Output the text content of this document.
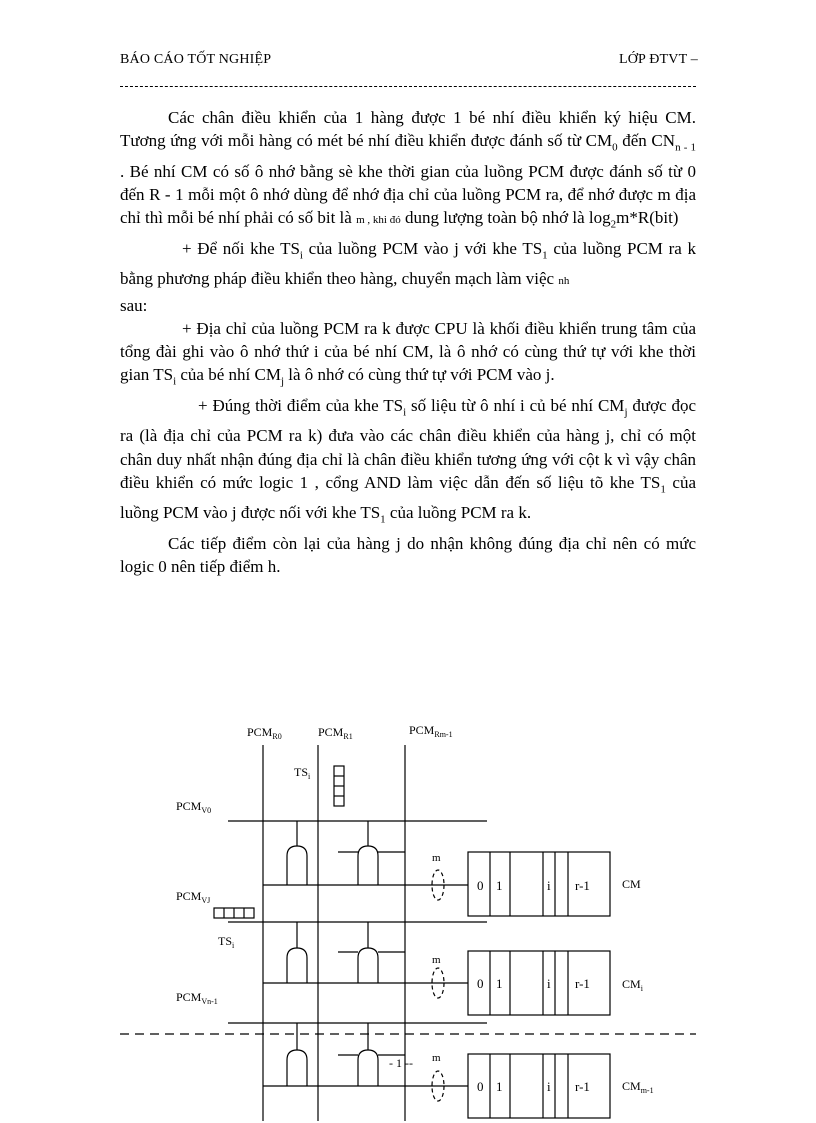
BÁO CÁO TỐT NGHIỆP	LỚP ĐTVT –

Các chân điều khiển của 1 hàng được 1 bé nhí điều khiển ký hiệu CM. Tương ứng với mỗi hàng có mét bé nhí điều khiển được đánh số từ $CM_0$ đến $CN_{n - 1}$ . Bé nhí CM có số ô nhớ bằng sè khe thời gian của luồng PCM được đánh số từ 0 đến R - 1 mỗi một ô nhớ dùng để nhớ địa chỉ của luồng PCM ra, để nhớ được m địa chỉ thì mỗi bé nhí phải có số bit là m , khi đó dung lượng toàn bộ nhớ là $\log_2m*R(bit)$

+ Để nối khe $TS_i$ của luồng PCM vào j với khe $TS_1$ của luồng PCM ra k bằng phương pháp điều khiển theo hàng, chuyển mạch làm việc nh
sau:

+ Địa chỉ của luồng PCM ra k được CPU là khối điều khiển trung tâm của tổng đài ghi vào ô nhớ thứ i của bé nhí CM, là ô nhớ có cùng thứ tự với khe thời gian $TS_i$ của bé nhí $CM_j$ là ô nhớ có cùng thứ tự với PCM vào j.

+ Đúng thời điểm của khe $TS_i$ số liệu từ ô nhí i củ bé nhí $CM_j$ được đọc ra (là địa chỉ của PCM ra k) đưa vào các chân điều khiển của hàng j, chỉ có một chân duy nhất nhận đúng địa chỉ là chân điều khiển tương ứng với cột k vì vậy chân điều khiển có mức logic 1 , cổng AND làm việc dẫn đến số liệu tõ khe $TS_1$ của luồng PCM vào j được nối với khe $TS_1$ của luồng PCM ra k.

Các tiếp điểm còn lại của hàng j do nhận không đúng địa chỉ nên có mức logic 0 nên tiếp điểm h.

$PCM_{R0}$	$PCM_{R1}$	$PCM_{Rm-1}$
$PCM_{V0}$
$PCM_{VJ}$
$PCM_{Vn-1}$
$TS_i$
$TS_i$
m
m
m
- 1 --
0 1	i r-1
0 1	i r-1
0 1	i r-1
CM
$CM_i$
$CM_{m-1}$
